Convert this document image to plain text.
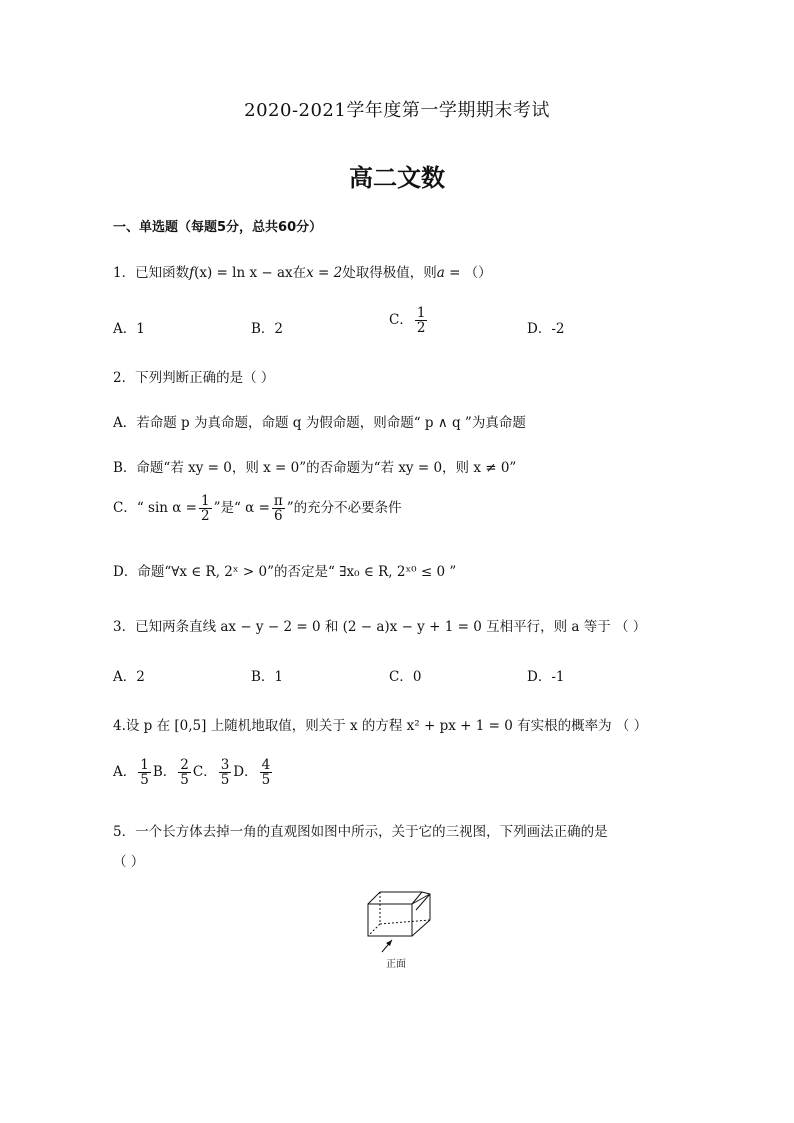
2020-2021学年度第一学期期末考试
高二文数
一、单选题（每题5分，总共60分）
1．已知函数f(x) = ln x − ax在x = 2处取得极值，则a = （）
A．1	B．2
C． $\frac{1}{2}$	D．-2
2．下列判断正确的是（ ）
A．若命题 p 为真命题，命题 q 为假命题，则命题“ p ∧ q ”为真命题
B．命题“若 xy = 0，则 x = 0”的否命题为“若 xy = 0，则 x ≠ 0”
C．“ $\sin \alpha = \frac{1}{2}$ ”是“ $\alpha = \frac{\pi}{6}$ ”的充分不必要条件
D．命题“∀x ∈ R, 2ˣ > 0”的否定是“ ∃x₀ ∈ R, 2ˣ⁰ ≤ 0 ”
3．已知两条直线 ax − y − 2 = 0 和 (2 − a)x − y + 1 = 0 互相平行，则 a 等于 （ ）
A．2	B．1	C．0	D．-1
4.设 p 在 [0,5] 上随机地取值，则关于 x 的方程 x² + px + 1 = 0 有实根的概率为 （ ）
A． $\frac{1}{5}$ B． $\frac{2}{5}$ C． $\frac{3}{5}$ D． $\frac{4}{5}$
5．一个长方体去掉一角的直观图如图中所示，关于它的三视图，下列画法正确的是
（ ）
正面
